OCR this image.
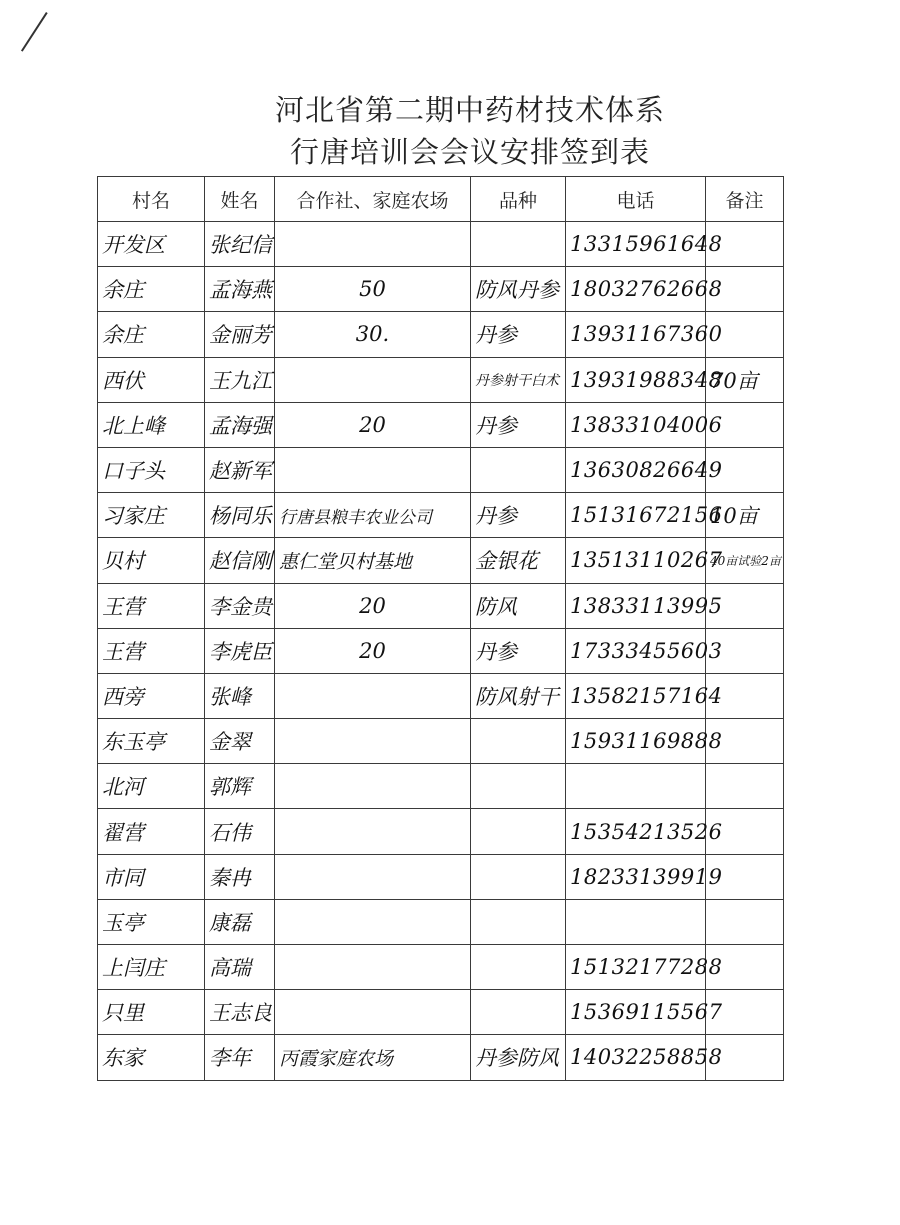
河北省第二期中药材技术体系
行唐培训会会议安排签到表
村名	姓名	合作社、家庭农场	品种	电话	备注
开发区	张纪信			13315961648	
余庄	孟海燕	50	防风丹参	18032762668	
余庄	金丽芳	30.	丹参	13931167360	
西伏	王九江		丹参射干白术	13931988348	70亩
北上峰	孟海强	20	丹参	13833104006	
口子头	赵新军			13630826649	
习家庄	杨同乐	行唐县粮丰农业公司	丹参	15131672156	10亩
贝村	赵信刚	惠仁堂贝村基地	金银花	13513110267	40亩试验2亩
王营	李金贵	20	防风	13833113995	
王营	李虎臣	20	丹参	17333455603	
西旁	张峰		防风射干	13582157164	
东玉亭	金翠			15931169888	
北河	郭辉				
翟营	石伟			15354213526	
市同	秦冉			18233139919	
玉亭	康磊				
上闫庄	高瑞			15132177288	
只里	王志良			15369115567	
东家	李年	丙霞家庭农场	丹参防风	14032258858	
